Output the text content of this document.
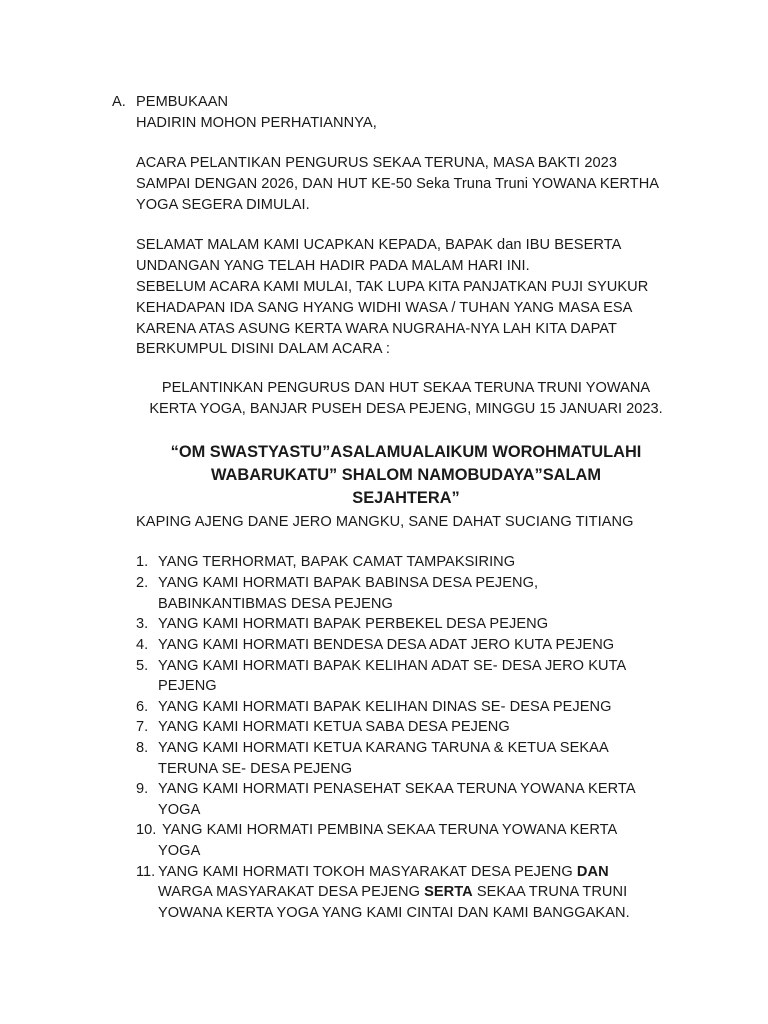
A. PEMBUKAAN
HADIRIN MOHON PERHATIANNYA,
ACARA PELANTIKAN PENGURUS SEKAA TERUNA, MASA BAKTI 2023
SAMPAI DENGAN 2026, DAN HUT KE-50 Seka Truna Truni YOWANA KERTHA
YOGA SEGERA DIMULAI.
SELAMAT MALAM KAMI UCAPKAN KEPADA, BAPAK dan IBU BESERTA
UNDANGAN YANG TELAH HADIR PADA MALAM HARI INI.
SEBELUM ACARA KAMI MULAI, TAK LUPA KITA PANJATKAN PUJI SYUKUR
KEHADAPAN IDA SANG HYANG WIDHI WASA / TUHAN YANG MASA ESA
KARENA ATAS ASUNG KERTA WARA NUGRAHA-NYA LAH KITA DAPAT
BERKUMPUL DISINI DALAM ACARA :
PELANTINKAN PENGURUS DAN HUT SEKAA TERUNA TRUNI YOWANA
KERTA YOGA, BANJAR PUSEH DESA PEJENG, MINGGU 15 JANUARI 2023.
“OM SWASTYASTU”ASALAMUALAIKUM WOROHMATULAHI
WABARUKATU” SHALOM NAMOBUDAYA”SALAM
SEJAHTERA”
KAPING AJENG DANE JERO MANGKU, SANE DAHAT SUCIANG TITIANG
1. YANG TERHORMAT, BAPAK CAMAT TAMPAKSIRING
2. YANG KAMI HORMATI BAPAK BABINSA DESA PEJENG,
BABINKANTIBMAS DESA PEJENG
3. YANG KAMI HORMATI BAPAK PERBEKEL DESA PEJENG
4. YANG KAMI HORMATI BENDESA DESA ADAT JERO KUTA PEJENG
5. YANG KAMI HORMATI BAPAK KELIHAN ADAT SE- DESA JERO KUTA
PEJENG
6. YANG KAMI HORMATI BAPAK KELIHAN DINAS SE- DESA PEJENG
7. YANG KAMI HORMATI KETUA SABA DESA PEJENG
8. YANG KAMI HORMATI KETUA KARANG TARUNA & KETUA SEKAA
TERUNA SE- DESA PEJENG
9. YANG KAMI HORMATI PENASEHAT SEKAA TERUNA YOWANA KERTA
YOGA
10. YANG KAMI HORMATI PEMBINA SEKAA TERUNA YOWANA KERTA
YOGA
11. YANG KAMI HORMATI TOKOH MASYARAKAT DESA PEJENG DAN
WARGA MASYARAKAT DESA PEJENG SERTA SEKAA TRUNA TRUNI
YOWANA KERTA YOGA YANG KAMI CINTAI DAN KAMI BANGGAKAN.
